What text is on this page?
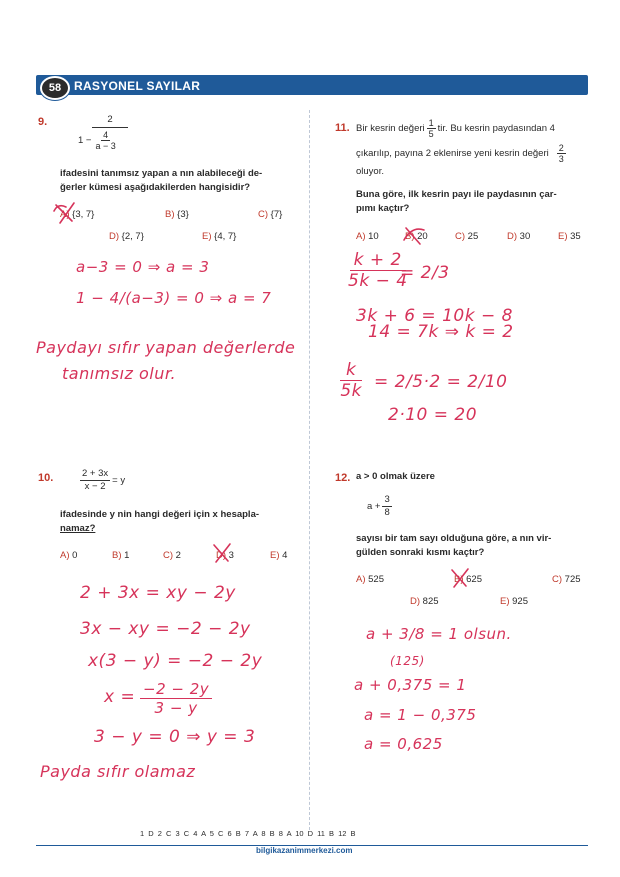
58	RASYONEL SAYILAR
9.	2
$1 - \frac{4}{a - 3}$
ifadesini tanımsız yapan a nın alabileceği de-
ğerler kümesi aşağıdakilerden hangisidir?
A) {3, 7}	B) {3}	C) {7}
D) {2, 7}	E) {4, 7}
a−3 = 0 ⇒ a = 3
1 − 4/(a−3) = 0 ⇒ a = 7
Paydayı sıfır yapan değerlerde
tanımsız olur.
10.	$\frac{2 + 3x}{x - 2} = y$
ifadesinde y nin hangi değeri için x hesapla-
namaz?
A) 0	B) 1	C) 2	D) 3	E) 4
2 + 3x = xy − 2y
3x − xy = −2 − 2y
x(3 − y) = −2 − 2y
$x = \frac{-2 - 2y}{3 - y}$
3 − y = 0 ⇒ y = 3
Payda sıfır olamaz
11. Bir kesrin değeri $\frac{1}{5}$ tir. Bu kesrin paydasından 4
çıkarılıp, payına 2 eklenirse yeni kesrin değeri $\frac{2}{3}$
oluyor.
Buna göre, ilk kesrin payı ile paydasının çar-
pımı kaçtır?
A) 10	B) 20	C) 25	D) 30	E) 35
$\frac{k + 2}{5k - 4}$
= 2/3
3k + 6 = 10k − 8
14 = 7k ⇒ k = 2
$\frac{k}{5k} = 2/5\cdot 2 = 2/10$
2·10 = 20
12. a > 0 olmak üzere
$a + \frac{3}{8}$
sayısı bir tam sayı olduğuna göre, a nın vir-
gülden sonraki kısmı kaçtır?
A) 525	B) 625	C) 725
D) 825	E) 925
a + 3/8 = 1 olsun.
(125)
a + 0,375 = 1
a = 1 − 0,375
a = 0,625
1 D 2 C 3 C 4 A 5 C 6 B 7 A 8 B 8 A 10 D 11 B 12 B
bilgikazanimmerkezi.com
